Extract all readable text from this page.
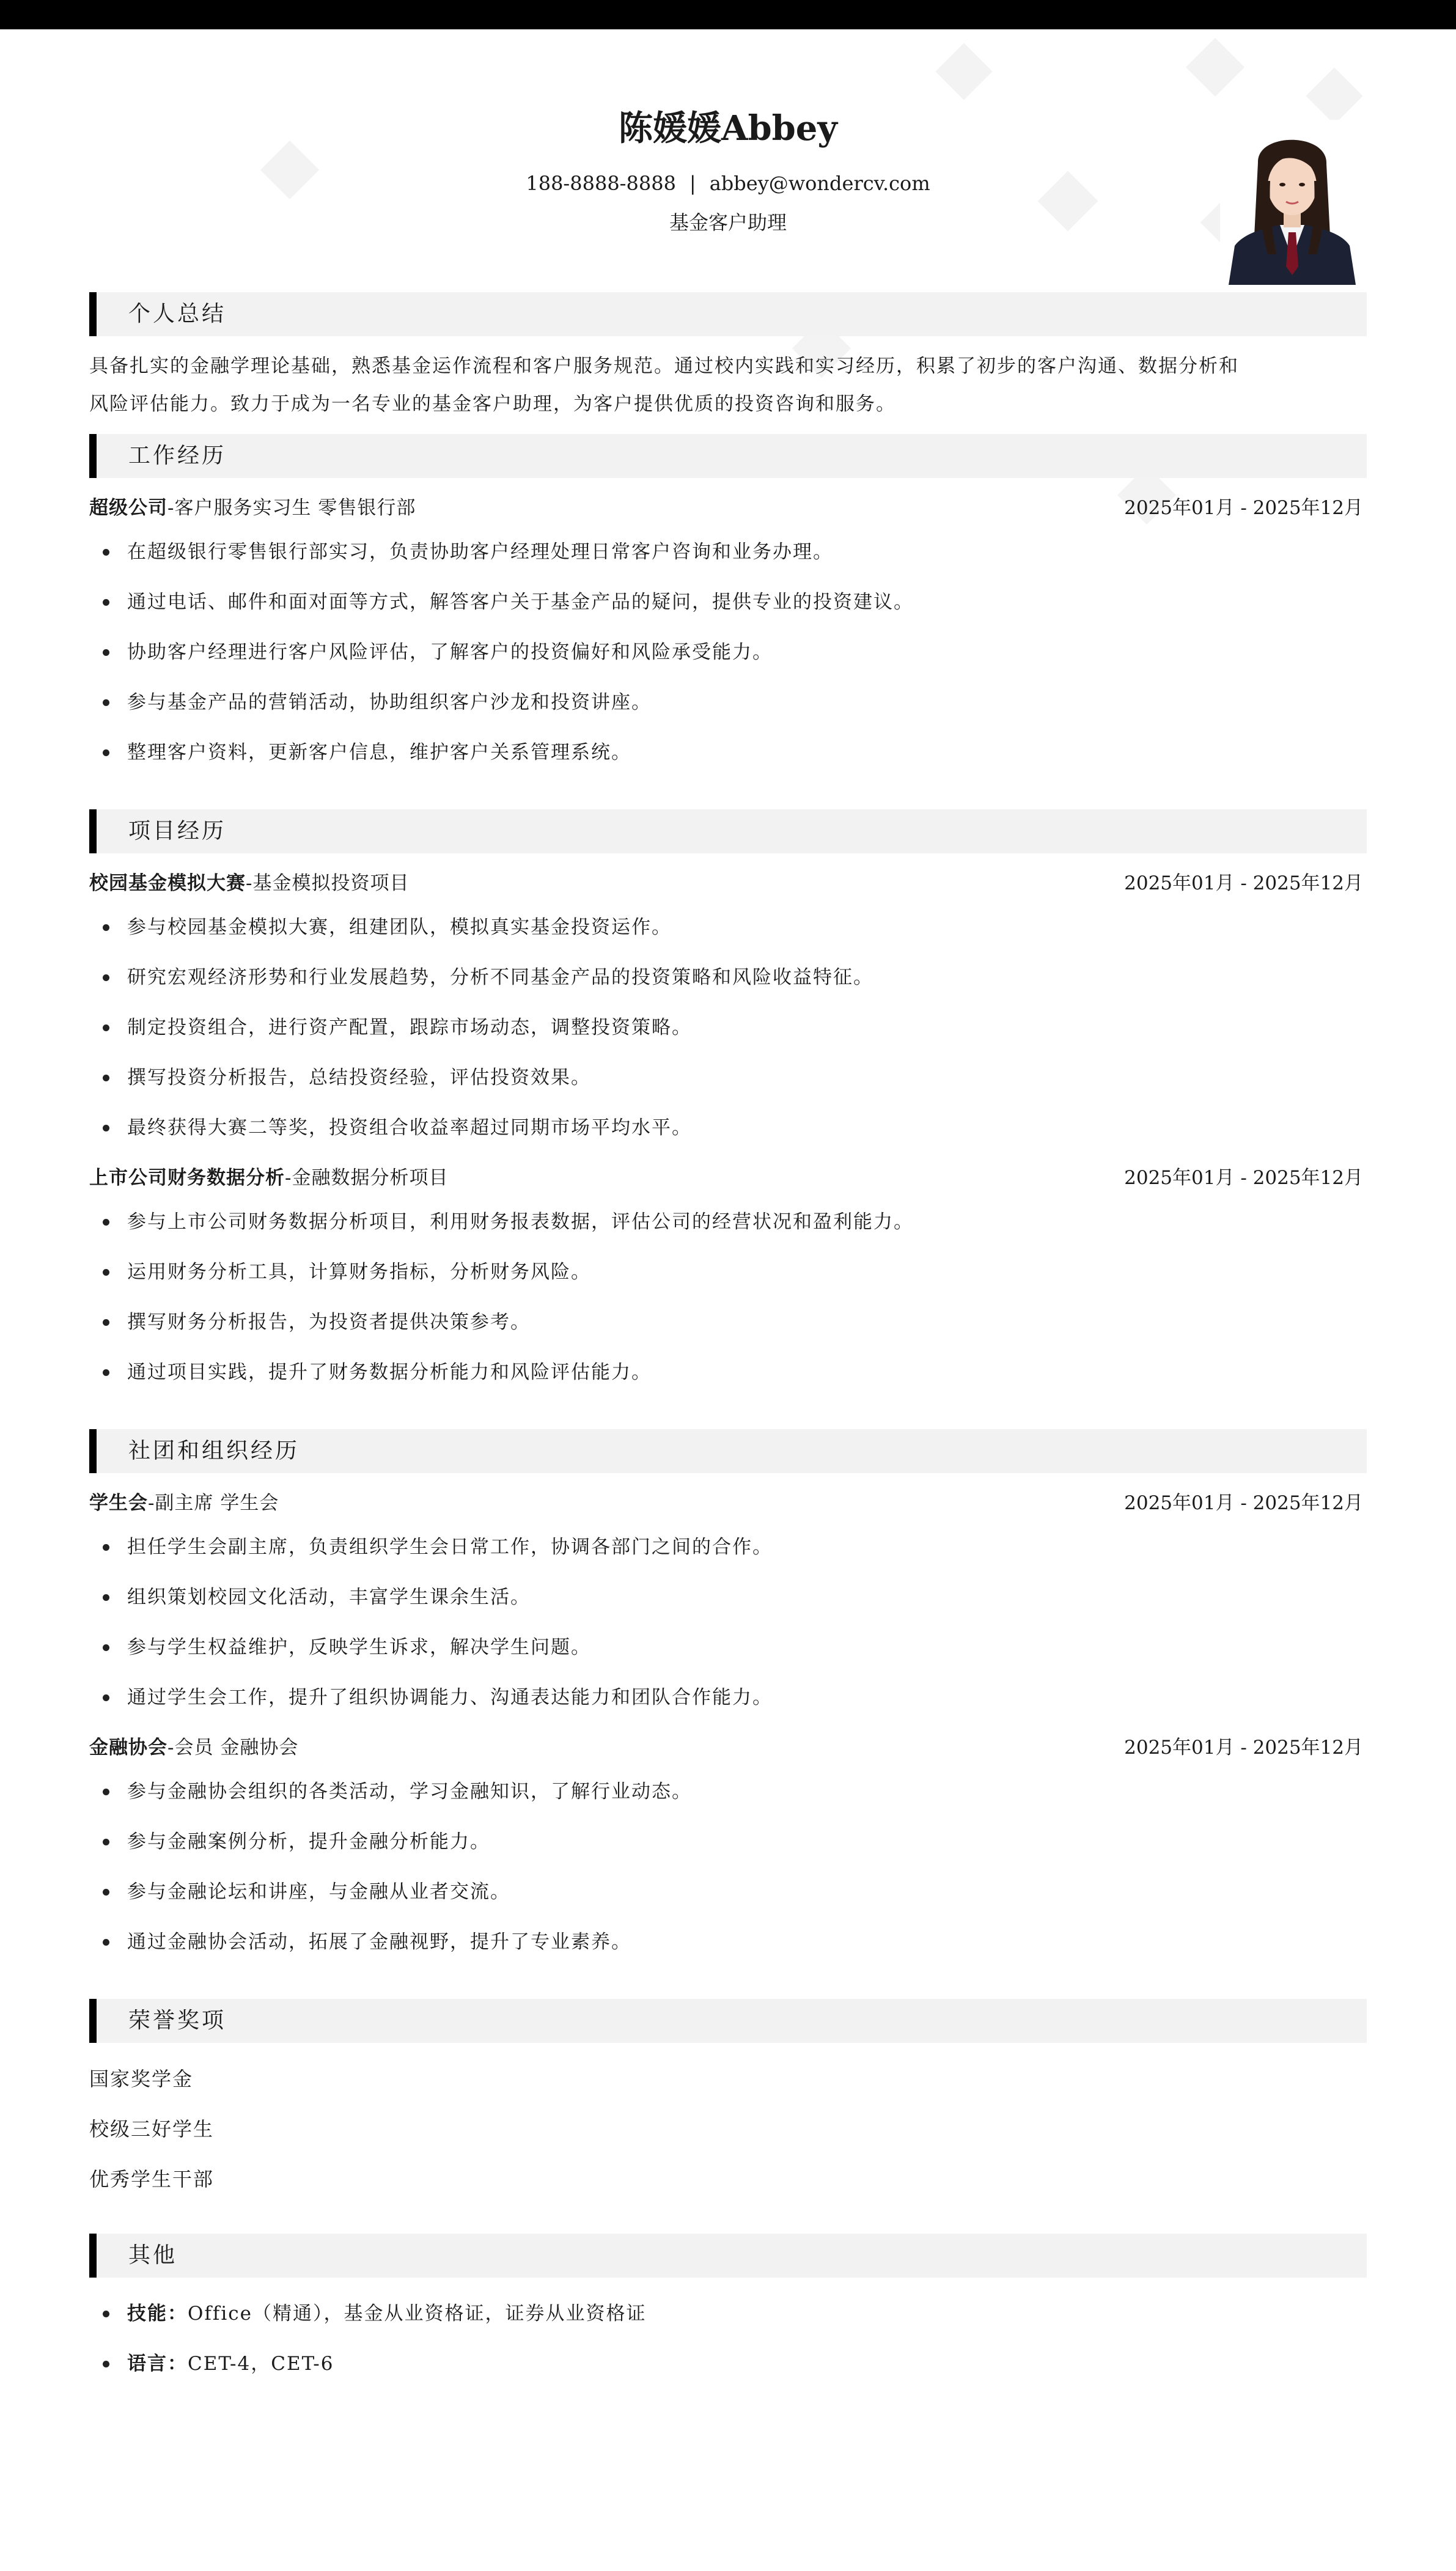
陈媛媛Abbey
188-8888-8888 | abbey@wondercv.com
基金客户助理
个人总结
具备扎实的金融学理论基础，熟悉基金运作流程和客户服务规范。通过校内实践和实习经历，积累了初步的客户沟通、数据分析和
风险评估能力。致力于成为一名专业的基金客户助理，为客户提供优质的投资咨询和服务。
工作经历
超级公司-客户服务实习生 零售银行部	2025年01月 - 2025年12月
在超级银行零售银行部实习，负责协助客户经理处理日常客户咨询和业务办理。
通过电话、邮件和面对面等方式，解答客户关于基金产品的疑问，提供专业的投资建议。
协助客户经理进行客户风险评估，了解客户的投资偏好和风险承受能力。
参与基金产品的营销活动，协助组织客户沙龙和投资讲座。
整理客户资料，更新客户信息，维护客户关系管理系统。
项目经历
校园基金模拟大赛-基金模拟投资项目	2025年01月 - 2025年12月
参与校园基金模拟大赛，组建团队，模拟真实基金投资运作。
研究宏观经济形势和行业发展趋势，分析不同基金产品的投资策略和风险收益特征。
制定投资组合，进行资产配置，跟踪市场动态，调整投资策略。
撰写投资分析报告，总结投资经验，评估投资效果。
最终获得大赛二等奖，投资组合收益率超过同期市场平均水平。
上市公司财务数据分析-金融数据分析项目	2025年01月 - 2025年12月
参与上市公司财务数据分析项目，利用财务报表数据，评估公司的经营状况和盈利能力。
运用财务分析工具，计算财务指标，分析财务风险。
撰写财务分析报告，为投资者提供决策参考。
通过项目实践，提升了财务数据分析能力和风险评估能力。
社团和组织经历
学生会-副主席 学生会	2025年01月 - 2025年12月
担任学生会副主席，负责组织学生会日常工作，协调各部门之间的合作。
组织策划校园文化活动，丰富学生课余生活。
参与学生权益维护，反映学生诉求，解决学生问题。
通过学生会工作，提升了组织协调能力、沟通表达能力和团队合作能力。
金融协会-会员 金融协会	2025年01月 - 2025年12月
参与金融协会组织的各类活动，学习金融知识，了解行业动态。
参与金融案例分析，提升金融分析能力。
参与金融论坛和讲座，与金融从业者交流。
通过金融协会活动，拓展了金融视野，提升了专业素养。
荣誉奖项
国家奖学金
校级三好学生
优秀学生干部
其他
技能：Office（精通），基金从业资格证，证券从业资格证
语言：CET-4，CET-6
